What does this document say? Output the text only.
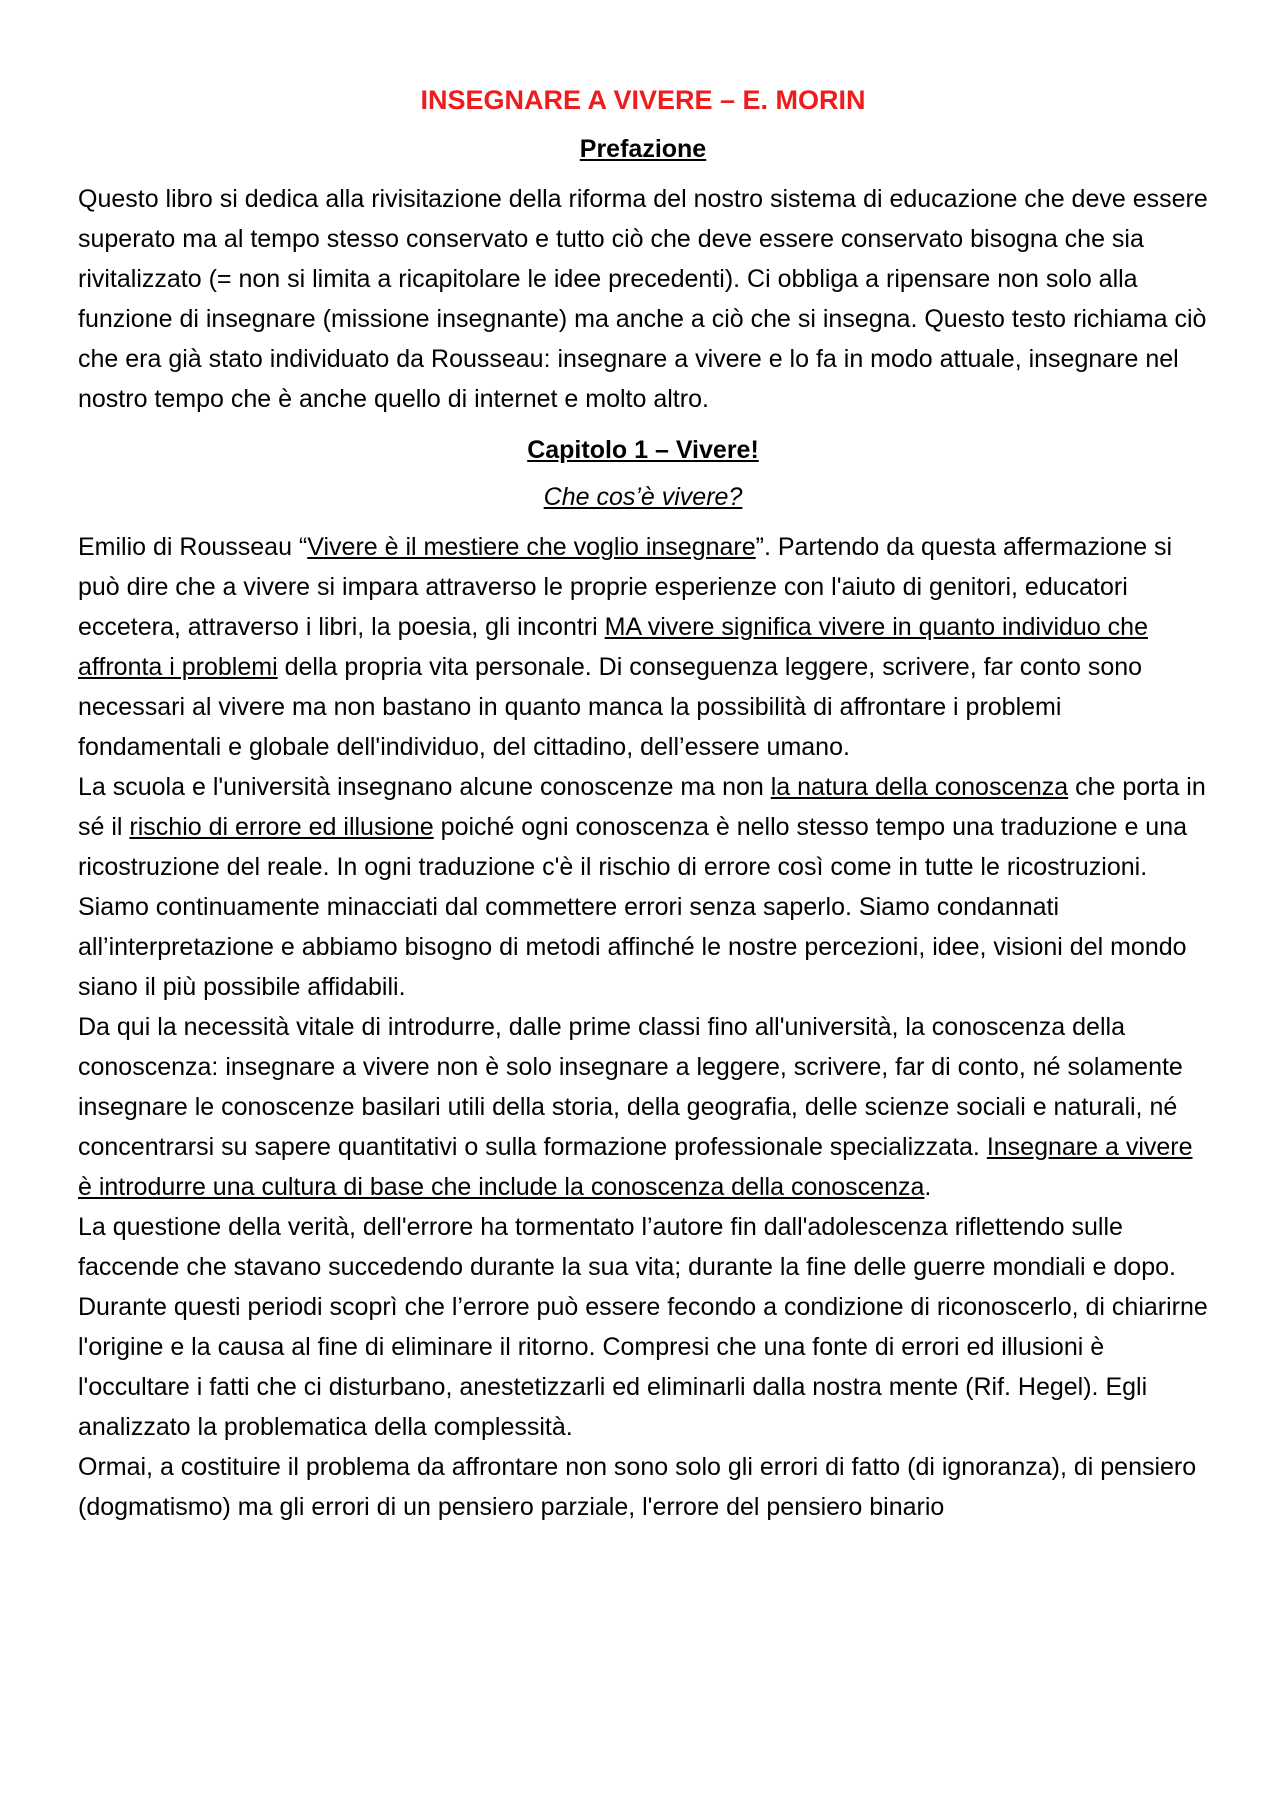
INSEGNARE A VIVERE – E. MORIN
Prefazione

Questo libro si dedica alla rivisitazione della riforma del nostro sistema di educazione che deve essere superato ma al tempo stesso conservato e tutto ciò che deve essere conservato bisogna che sia rivitalizzato (= non si limita a ricapitolare le idee precedenti). Ci obbliga a ripensare non solo alla funzione di insegnare (missione insegnante) ma anche a ciò che si insegna. Questo testo richiama ciò che era già stato individuato da Rousseau: insegnare a vivere e lo fa in modo attuale, insegnare nel nostro tempo che è anche quello di internet e molto altro.

Capitolo 1 – Vivere!
Che cos’è vivere?

Emilio di Rousseau “Vivere è il mestiere che voglio insegnare”. Partendo da questa affermazione si può dire che a vivere si impara attraverso le proprie esperienze con l'aiuto di genitori, educatori eccetera, attraverso i libri, la poesia, gli incontri MA vivere significa vivere in quanto individuo che affronta i problemi della propria vita personale. Di conseguenza leggere, scrivere, far conto sono necessari al vivere ma non bastano in quanto manca la possibilità di affrontare i problemi fondamentali e globale dell'individuo, del cittadino, dell’essere umano.

La scuola e l'università insegnano alcune conoscenze ma non la natura della conoscenza che porta in sé il rischio di errore ed illusione poiché ogni conoscenza è nello stesso tempo una traduzione e una ricostruzione del reale. In ogni traduzione c'è il rischio di errore così come in tutte le ricostruzioni. Siamo continuamente minacciati dal commettere errori senza saperlo. Siamo condannati all’interpretazione e abbiamo bisogno di metodi affinché le nostre percezioni, idee, visioni del mondo siano il più possibile affidabili.

Da qui la necessità vitale di introdurre, dalle prime classi fino all'università, la conoscenza della conoscenza: insegnare a vivere non è solo insegnare a leggere, scrivere, far di conto, né solamente insegnare le conoscenze basilari utili della storia, della geografia, delle scienze sociali e naturali, né concentrarsi su sapere quantitativi o sulla formazione professionale specializzata. Insegnare a vivere è introdurre una cultura di base che include la conoscenza della conoscenza.

La questione della verità, dell'errore ha tormentato l’autore fin dall'adolescenza riflettendo sulle faccende che stavano succedendo durante la sua vita; durante la fine delle guerre mondiali e dopo.

Durante questi periodi scoprì che l’errore può essere fecondo a condizione di riconoscerlo, di chiarirne l'origine e la causa al fine di eliminare il ritorno. Compresi che una fonte di errori ed illusioni è l'occultare i fatti che ci disturbano, anestetizzarli ed eliminarli dalla nostra mente (Rif. Hegel). Egli analizzato la problematica della complessità.

Ormai, a costituire il problema da affrontare non sono solo gli errori di fatto (di ignoranza), di pensiero (dogmatismo) ma gli errori di un pensiero parziale, l'errore del pensiero binario
